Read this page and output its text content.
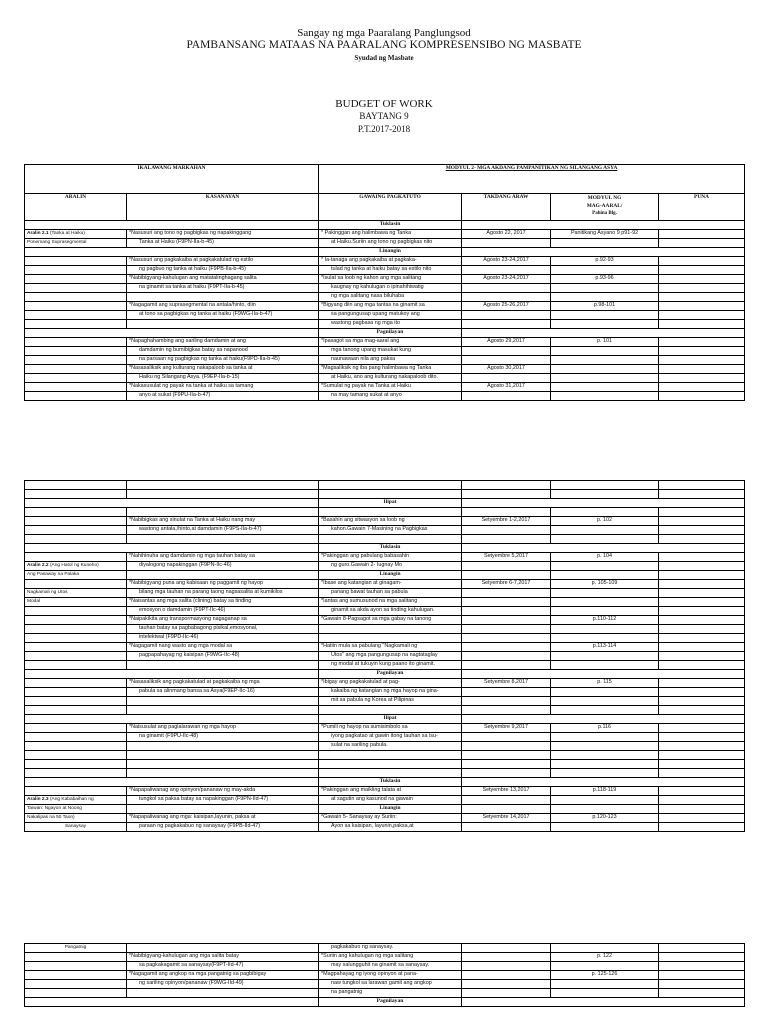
Sangay ng mga Paaralang Panglungsod
PAMBANSANG MATAAS NA PAARALANG KOMPRESENSIBO NG MASBATE
Syudad ng Masbate
BUDGET OF WORK
BAYTANG 9
P.T.2017-2018
IKALAWANG MARKAHAN		MODYUL 2- MGA AKDANG PAMPANITIKAN NG SILANGANG ASYA			
ARALIN	KASANAYAN	GAWAING PAGKATUTO	TAKDANG ARAW	MODYUL NG
MAG-AARAL/
Pahina Blg.	PUNA
		Tuklasin			
Aralin 2.1 (Tanka at Haiku)	*Nasusuri ang tono ng pagbigkas ng napakinggang	* Pakinggan ang halimbawa ng Tanka	Agosto 22, 2017	Panitikang Asyano 9 p91-92	
Ponemang Suprasegmental	Tanka at Haiku (F9PN-IIa-b-45)	at Haiku.Suriin ang tono ng pagbigkas nito			
		Linangin			
	*Nasusuri ang pagkakaiba at pagkakatulad ng estilo	* Ia-tanaga ang pagkakaiba at pagkaka-	Agosto 23-24,2017	p.92-93	
	ng pagbuo ng tanka at haiku (F9PB-IIa-b-45)	tulad ng tanka at haiku batay sa estilo nito			
	*Nabibigyang-kahulugan ang matatalinghagang salita	*Isulat sa loob ng kahon ang mga salitang	Agosto 23-24,2017	p.93-96	
	na ginamit sa tanka at haiku (F9PT-IIa-b-45)	kaugnay ng kahulugan o ipinahihiwatig			
		ng mga salitang nasa biluhaba			
	*Nagagamit ang suprasegmental na antala/hinto, diin	*Bigyang diin ang mga tantas na ginamit sa	Agosto 25-26,2017	p.98-101	
	at tono sa pagbigkas ng tanka at haiku (F9WG-IIa-b-47)	sa pangungusap upang matukoy ang			
		wastong pagbasa ng mga ito			
		Pagnilayan			
	*Napaghahambing ang sariling damdamin at ang	*Ipasagot sa mga mag-aaral ang	Agosto 29,2017	p. 101	
	damdamin ng bumibigkas batay sa napanood	mga tanong upang masukat kung			
	na parsaan ng pagbigkas ng tanka at haiku(F9PD-IIa-b-45)	naunawaan nila ang paksa			
	*Nasasaliksik ang kulturang nakapaloob sa tanka at	*Magsaliksik ng iba pang halimbawa ng Tanka	Agosto 30,2017		
	Haiku ng Silangang Asya. (F9EP-IIa-b-15)	at Haiku, ano ang kulturang nakapaloob dito.			
	*Nakasusulat ng payak na tanka at haiku sa tamang	*Sumulat ng payak na Tanka at Haiku	Agosto 31,2017		
	anyo at sukat (F9PU-IIa-b-47)	na may tamang sukat at anyo			

		Ilipat			

	*Nabibigkas ang sinulat na Tanka at Haiku nang may	*Basahin ang sitwasyon sa loob ng	Setyembre 1-2,2017	p. 102	
	wastong antala,/hinto,at damdamin (F9PS-IIa-b-47)	kahon.Gawain 7-Masining na Pagbigkas			

		Tuklasin			
	*Nahihinuha ang damdamin ng mga tauhan batay sa	*Pakinggan ang pabulang babasahin	Setyembre 5,2017	p. 104	
Aralin 2.2 (Ang Hatol ng Kuneho)	diyalogong napakinggan (F9PN-IIc-46)	ng guro.Gawain 2- Iugnay Mo			
Ang Pasaway na Palaka		Linangin			
	*Nabibigyang puna ang kabisaan ng paggamit ng hayop	*Ibase ang katangian at ginagam-	Setyembre 6-7,2017	p. 105-109	
Nagkamali ng Utos	bilang mga tauhan na parang taong nagsasalita at kumikilos	panang bawat tauhan sa pabula			
Modal	*Naisantas ang mga salita (clining) batay sa tinding	*Iantas ang sumusunod na mga salitang			
	emosyon o damdamin (F9PT-IIc-46)	ginamit sa akda ayon sa tinding kahulugan.			
	*Naipakikita ang transpormasyong nagaganap sa	*Gawain 8-Pagsagot sa mga gabay na tanong		p.110-112	
	tauhan batay sa pagbabagong pisikal,emosyonal,				
	intelektwal (F9PD-IIc-46)				
	*Nagagamit nang wasto ang mga modal sa	*Hatiin mula sa pabulang "Nagkamali ng		p.113-114	
	pagpapahayag ng kaisipan (F9WG-IIc-48)	Utos" ang mga pangungusap na nagtataglay			
		ng modal at tukuyin kung paano ito ginamit.			
		Pagnilayan			
	*Nasasaliksik ang pagkakatulad at pagkakaiba ng mga	*Ibigay ang pagkakatulad at pag-	Setyembre 8,2017	p. 115	
	pabula sa alinmang bansa sa Asya(F9EP-IIc-16)	kakaiba ng katangian ng mga hayop na gina-			
		mit sa pabula ng Korea at Pilipinas			

		Ilipat			
	*Naisusulat ang paglalarawan ng mga hayop	*Pumili ng hayop na sumisimbolo sa	Setyembre 9,2017	p.116	
	na ginamit (F9PU-IIc-48)	iyong pagkatao at gawin itong tauhan sa isu-			
		sulat na sariling pabula.			

		Tuklasin			
	*Napapaliwanag ang opinyon/pananaw ng may-akda	*Pakinggan ang maikling talata at	Setyembre 13,2017	p.118-119	
Aralin 2.3 (Ang Kababaihan ng	tungkol sa paksa batay sa napakinggan (F9PN-IId-47)	at sagutin ang kasunod na gawain			
Taiwan: Ngayon at Noong		Linangin			
Nakalipas na 50 Taon)	*Napapaliwanag ang mga: kaisipan,layunin, paksa at	*Gawain 5- Sanaysay ay Suriin:	Setyembre 14,2017	p.120-123	
Sanaysay	paraan ng pagkakabuo ng sanaysay (F9PB-IId-47)	Ayon sa kaisipan, layunin,paksa,at			
Pangatnig		pagkakabuo ng sanaysay.			
	*Nabibigyang-kahulugan ang mga salita batay	*Suriin ang kahulugan ng mga salitang		p. 122	
	sa pagkakagamit sa sanaysay(F9PT-IId-47)	may salungguhit na ginamit sa sanaysay.			
	*Nagagamit ang angkop na mga pangatnig sa pagbibigay	*Magpahayag ng iyong opinyon at pana-		p. 125-126	
	ng sariling opinyon/pananaw (F9WG-IId-49)	naw tungkol sa larawan gamit ang angkop			
		na pangatnig			
		Pagnilayan			
